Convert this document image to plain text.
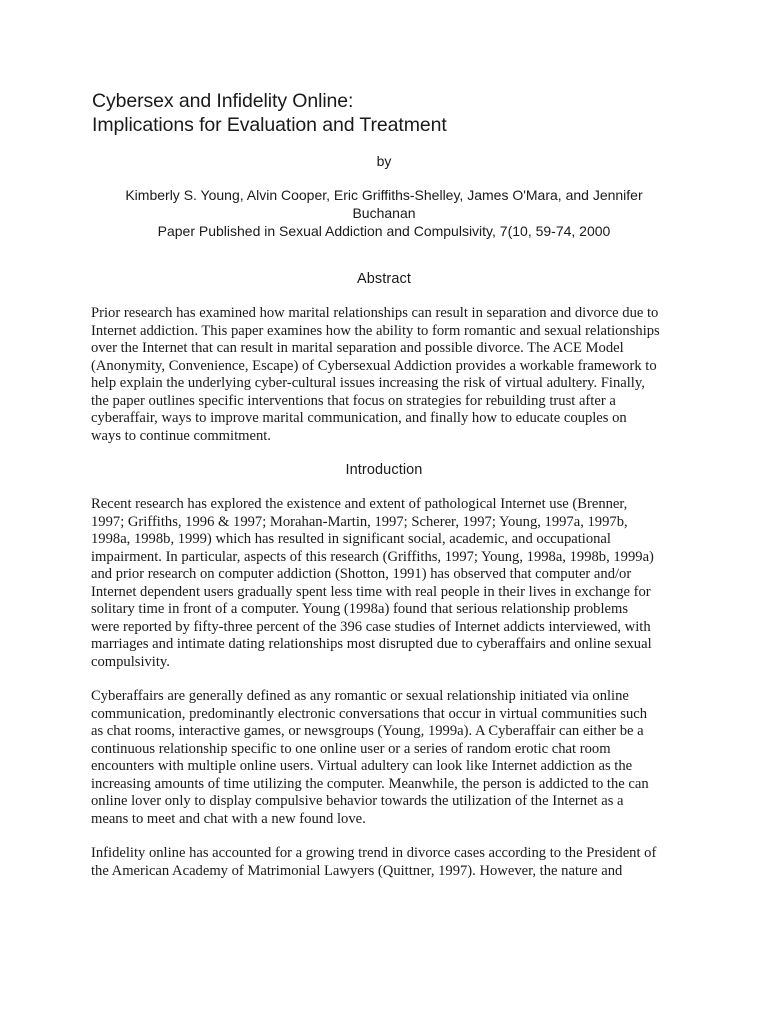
Cybersex and Infidelity Online:
Implications for Evaluation and Treatment
by
Kimberly S. Young, Alvin Cooper, Eric Griffiths-Shelley, James O'Mara, and Jennifer Buchanan
Paper Published in Sexual Addiction and Compulsivity, 7(10, 59-74, 2000
Abstract
Prior research has examined how marital relationships can result in separation and divorce due to
Internet addiction. This paper examines how the ability to form romantic and sexual relationships
over the Internet that can result in marital separation and possible divorce. The ACE Model
(Anonymity, Convenience, Escape) of Cybersexual Addiction provides a workable framework to
help explain the underlying cyber-cultural issues increasing the risk of virtual adultery. Finally,
the paper outlines specific interventions that focus on strategies for rebuilding trust after a
cyberaffair, ways to improve marital communication, and finally how to educate couples on
ways to continue commitment.
Introduction
Recent research has explored the existence and extent of pathological Internet use (Brenner,
1997; Griffiths, 1996 & 1997; Morahan-Martin, 1997; Scherer, 1997; Young, 1997a, 1997b,
1998a, 1998b, 1999) which has resulted in significant social, academic, and occupational
impairment. In particular, aspects of this research (Griffiths, 1997; Young, 1998a, 1998b, 1999a)
and prior research on computer addiction (Shotton, 1991) has observed that computer and/or
Internet dependent users gradually spent less time with real people in their lives in exchange for
solitary time in front of a computer. Young (1998a) found that serious relationship problems
were reported by fifty-three percent of the 396 case studies of Internet addicts interviewed, with
marriages and intimate dating relationships most disrupted due to cyberaffairs and online sexual
compulsivity.
Cyberaffairs are generally defined as any romantic or sexual relationship initiated via online
communication, predominantly electronic conversations that occur in virtual communities such
as chat rooms, interactive games, or newsgroups (Young, 1999a). A Cyberaffair can either be a
continuous relationship specific to one online user or a series of random erotic chat room
encounters with multiple online users. Virtual adultery can look like Internet addiction as the
increasing amounts of time utilizing the computer. Meanwhile, the person is addicted to the can
online lover only to display compulsive behavior towards the utilization of the Internet as a
means to meet and chat with a new found love.
Infidelity online has accounted for a growing trend in divorce cases according to the President of
the American Academy of Matrimonial Lawyers (Quittner, 1997). However, the nature and
